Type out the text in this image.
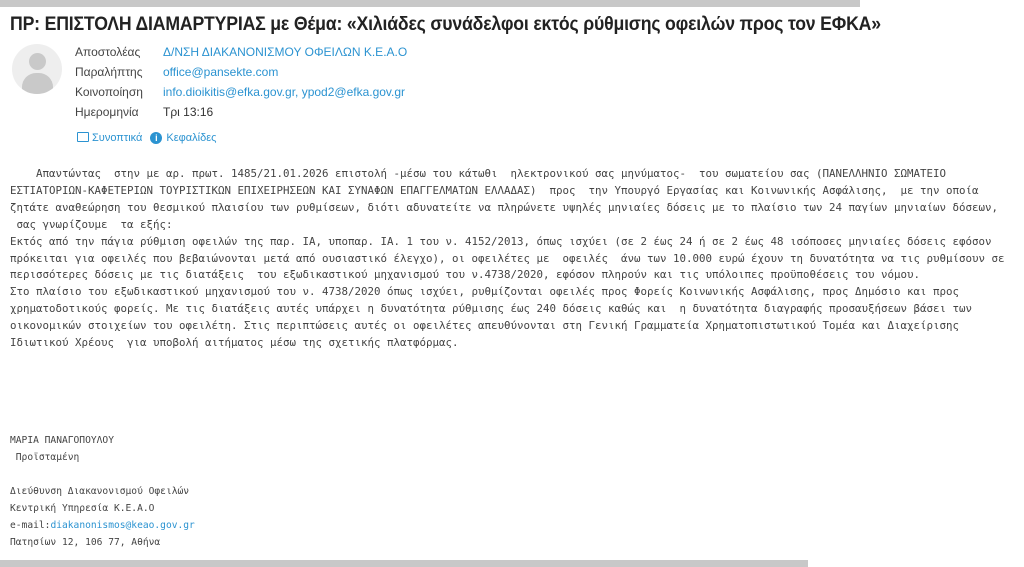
ΠΡ: ΕΠΙΣΤΟΛΗ ΔΙΑΜΑΡΤΥΡΙΑΣ με Θέμα: «Χιλιάδες συνάδελφοι εκτός ρύθμισης οφειλών προς τον ΕΦΚΑ»
Αποστολέας	Δ/ΝΣΗ ΔΙΑΚΑΝΟΝΙΣΜΟΥ ΟΦΕΙΛΩΝ Κ.Ε.Α.Ο
Παραλήπτης	office@pansekte.com
Κοινοποίηση	info.dioikitis@efka.gov.gr, ypod2@efka.gov.gr
Ημερομηνία	Τρι 13:16
Συνοπτικά	i Κεφαλίδες
Απαντώντας  στην με αρ. πρωτ. 1485/21.01.2026 επιστολή -μέσω του κάτωθι  ηλεκτρονικού σας μηνύματος-  του σωματείου σας (ΠΑΝΕΛΛΗΝΙΟ ΣΩΜΑΤΕΙΟ
ΕΣΤΙΑΤΟΡΙΩΝ-ΚΑΦΕΤΕΡΙΩΝ ΤΟΥΡΙΣΤΙΚΩΝ ΕΠΙΧΕΙΡΗΣΕΩΝ ΚΑΙ ΣΥΝΑΦΩΝ ΕΠΑΓΓΕΛΜΑΤΩΝ ΕΛΛΑΔΑΣ)  προς  την Υπουργό Εργασίας και Κοινωνικής Ασφάλισης,  με την οποία
ζητάτε αναθεώρηση του θεσμικού πλαισίου των ρυθμίσεων, διότι αδυνατείτε να πληρώνετε υψηλές μηνιαίες δόσεις με το πλαίσιο των 24 παγίων μηνιαίων δόσεων,
σας γνωρίζουμε  τα εξής:
Εκτός από την πάγια ρύθμιση οφειλών της παρ. ΙΑ, υποπαρ. ΙΑ. 1 του ν. 4152/2013, όπως ισχύει (σε 2 έως 24 ή σε 2 έως 48 ισόποσες μηνιαίες δόσεις εφόσον
πρόκειται για οφειλές που βεβαιώνονται μετά από ουσιαστικό έλεγχο), οι οφειλέτες με  οφειλές  άνω των 10.000 ευρώ έχουν τη δυνατότητα να τις ρυθμίσουν σε
περισσότερες δόσεις με τις διατάξεις  του εξωδικαστικού μηχανισμού του ν.4738/2020, εφόσον πληρούν και τις υπόλοιπες προϋποθέσεις του νόμου.
Στο πλαίσιο του εξωδικαστικού μηχανισμού του ν. 4738/2020 όπως ισχύει, ρυθμίζονται οφειλές προς Φορείς Κοινωνικής Ασφάλισης, προς Δημόσιο και προς
χρηματοδοτικούς φορείς. Με τις διατάξεις αυτές υπάρχει η δυνατότητα ρύθμισης έως 240 δόσεις καθώς και  η δυνατότητα διαγραφής προσαυξήσεων βάσει των
οικονομικών στοιχείων του οφειλέτη. Στις περιπτώσεις αυτές οι οφειλέτες απευθύνονται στη Γενική Γραμματεία Χρηματοπιστωτικού Τομέα και Διαχείρισης
Ιδιωτικού Χρέους  για υποβολή αιτήματος μέσω της σχετικής πλατφόρμας.
ΜΑΡΙΑ ΠΑΝΑΓΟΠΟΥΛΟΥ
Προϊσταμένη

Διεύθυνση Διακανονισμού Οφειλών
Κεντρική Υπηρεσία Κ.Ε.Α.Ο
e-mail:diakanonismos@keao.gov.gr
Πατησίων 12, 106 77, Αθήνα
